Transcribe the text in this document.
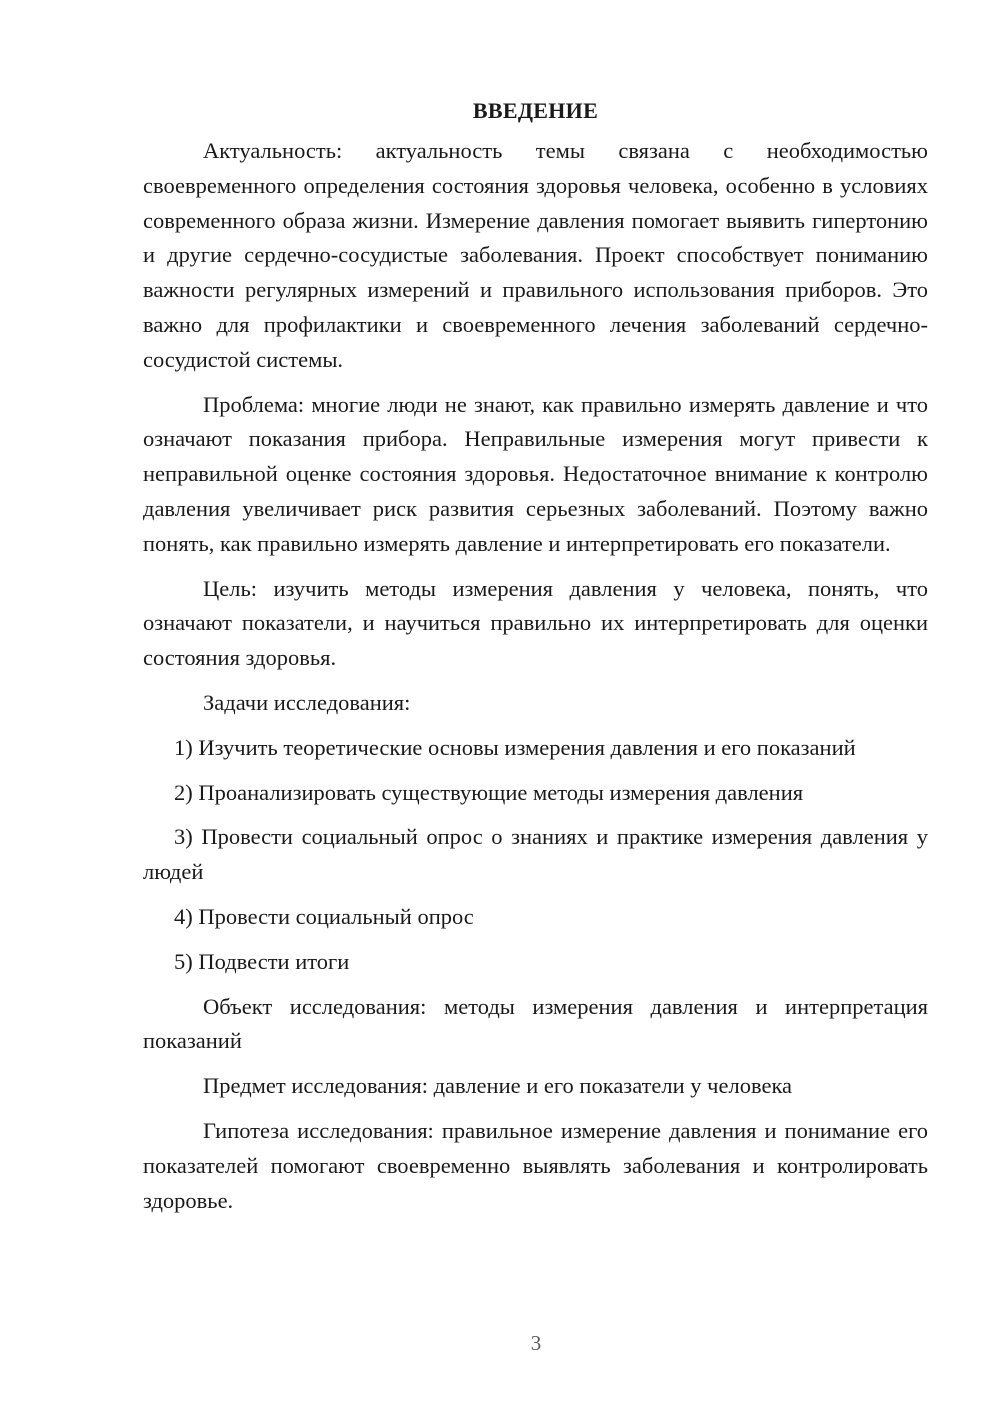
ВВЕДЕНИЕ

Актуальность: актуальность темы связана с необходимостью своевременного определения состояния здоровья человека, особенно в условиях современного образа жизни. Измерение давления помогает выявить гипертонию и другие сердечно-сосудистые заболевания. Проект способствует пониманию важности регулярных измерений и правильного использования приборов. Это важно для профилактики и своевременного лечения заболеваний сердечно-сосудистой системы.

Проблема: многие люди не знают, как правильно измерять давление и что означают показания прибора. Неправильные измерения могут привести к неправильной оценке состояния здоровья. Недостаточное внимание к контролю давления увеличивает риск развития серьезных заболеваний. Поэтому важно понять, как правильно измерять давление и интерпретировать его показатели.

Цель: изучить методы измерения давления у человека, понять, что означают показатели, и научиться правильно их интерпретировать для оценки состояния здоровья.

Задачи исследования:

1) Изучить теоретические основы измерения давления и его показаний

2) Проанализировать существующие методы измерения давления

3) Провести социальный опрос о знаниях и практике измерения давления у людей

4) Провести социальный опрос

5) Подвести итоги

Объект исследования: методы измерения давления и интерпретация показаний

Предмет исследования: давление и его показатели у человека

Гипотеза исследования: правильное измерение давления и понимание его показателей помогают своевременно выявлять заболевания и контролировать здоровье.

3
